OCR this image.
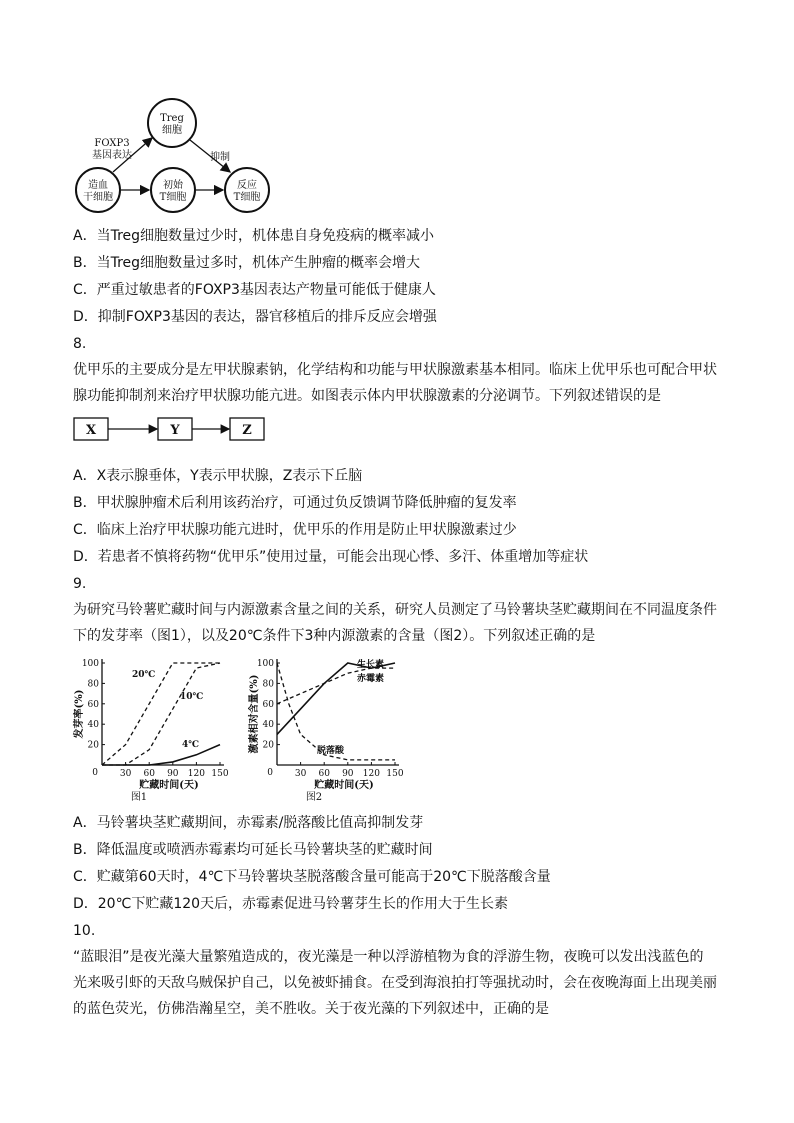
Treg
细胞
造血
干细胞
初始
T细胞
反应
T细胞
FOXP3
基因表达	抑制
A．当Treg细胞数量过少时，机体患自身免疫病的概率减小
B．当Treg细胞数量过多时，机体产生肿瘤的概率会增大
C．严重过敏患者的FOXP3基因表达产物量可能低于健康人
D．抑制FOXP3基因的表达，器官移植后的排斥反应会增强
8.
优甲乐的主要成分是左甲状腺素钠，化学结构和功能与甲状腺激素基本相同。临床上优甲乐也可配合甲状
腺功能抑制剂来治疗甲状腺功能亢进。如图表示体内甲状腺激素的分泌调节。下列叙述错误的是
X	Y	Z
A．X表示腺垂体，Y表示甲状腺，Z表示下丘脑
B．甲状腺肿瘤术后利用该药治疗，可通过负反馈调节降低肿瘤的复发率
C．临床上治疗甲状腺功能亢进时，优甲乐的作用是防止甲状腺激素过少
D．若患者不慎将药物“优甲乐”使用过量，可能会出现心悸、多汗、体重增加等症状
9.
为研究马铃薯贮藏时间与内源激素含量之间的关系，研究人员测定了马铃薯块茎贮藏期间在不同温度条件
下的发芽率（图1），以及20℃条件下3种内源激素的含量（图2）。下列叙述正确的是
0
20
40
60
80
100
30 60 90 120 150
贮藏时间(天)
图1
发芽率(%)
20℃
10℃
4℃
0
20
40
60
80
100
30 60 90 120 150
贮藏时间(天)
图2
激素相对含量(%)
生长素
赤霉素
脱落酸
A．马铃薯块茎贮藏期间，赤霉素/脱落酸比值高抑制发芽
B．降低温度或喷洒赤霉素均可延长马铃薯块茎的贮藏时间
C．贮藏第60天时，4℃下马铃薯块茎脱落酸含量可能高于20℃下脱落酸含量
D．20℃下贮藏120天后，赤霉素促进马铃薯芽生长的作用大于生长素
10.
“蓝眼泪”是夜光藻大量繁殖造成的，夜光藻是一种以浮游植物为食的浮游生物，夜晚可以发出浅蓝色的
光来吸引虾的天敌乌贼保护自己，以免被虾捕食。在受到海浪拍打等强扰动时，会在夜晚海面上出现美丽
的蓝色荧光，仿佛浩瀚星空，美不胜收。关于夜光藻的下列叙述中，正确的是
